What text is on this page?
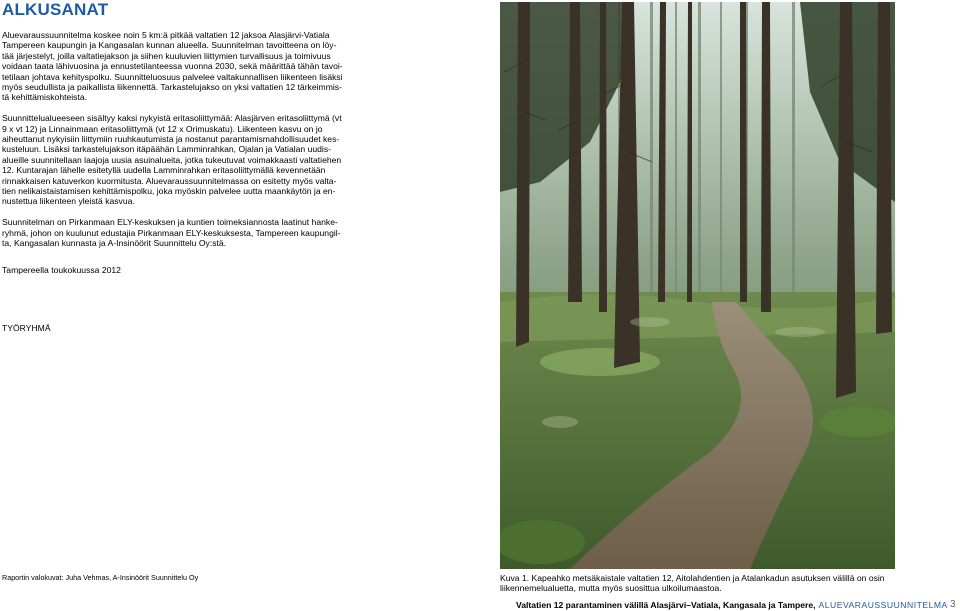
ALKUSANAT

Aluevaraussuunnitelma koskee noin 5 km:ä pitkää valtatien 12 jaksoa Alasjärvi-Vatiala
Tampereen kaupungin ja Kangasalan kunnan alueella. Suunnitelman tavoitteena on löy-
tää järjestelyt, joilla valtatiejakson ja siihen kuuluvien liittymien turvallisuus ja toimivuus
voidaan taata lähivuosina ja ennustetilanteessa vuonna 2030, sekä määrittää tähän tavoi-
tetilaan johtava kehityspolku. Suunnitteluosuus palvelee valtakunnallisen liikenteen lisäksi
myös seudullista ja paikallista liikennettä. Tarkastelujakso on yksi valtatien 12 tärkeimmis-
tä kehittämiskohteista.

Suunnittelualueeseen sisältyy kaksi nykyistä eritasoliittymää: Alasjärven eritasoliittymä (vt
9 x vt 12) ja Linnainmaan eritasoliittymä (vt 12 x Orimuskatu). Liikenteen kasvu on jo
aiheuttanut nykyisiin liittymiin ruuhkautumista ja nostanut parantamismahdollisuudet kes-
kusteluun. Lisäksi tarkastelujakson itäpäähän Lamminrahkan, Ojalan ja Vatialan uudis-
alueille suunnitellaan laajoja uusia asuinalueita, jotka tukeutuvat voimakkaasti valtatiehen
12. Kuntarajan lähelle esitetyllä uudella Lamminrahkan eritasoliittymällä kevennetään
rinnakkaisen katuverkon kuormitusta. Aluevaraussuunnitelmassa on esitetty myös valta-
tien nelikaistaistamisen kehittämispolku, joka myöskin palvelee uutta maankäytön ja en-
nustettua liikenteen yleistä kasvua.

Suunnitelman on Pirkanmaan ELY-keskuksen ja kuntien toimeksiannosta laatinut hanke-
ryhmä, johon on kuulunut edustajia Pirkanmaan ELY-keskuksesta, Tampereen kaupungil-
ta, Kangasalan kunnasta ja A-Insinöörit Suunnittelu Oy:stä.

Tampereella toukokuussa 2012
TYÖRYHMÄ
Raportin valokuvat: Juha Vehmas, A-Insinöörit Suunnittelu Oy	Kuva 1. Kapeahko metsäkaistale valtatien 12, Aitolahdentien ja Atalankadun asutuksen välillä on osin liikennemelualuetta, mutta myös suosittua ulkoilumaastoa.
Valtatien 12 parantaminen välillä Alasjärvi–Vatiala, Kangasala ja Tampere, ALUEVARAUSSUUNNITELMA 3
